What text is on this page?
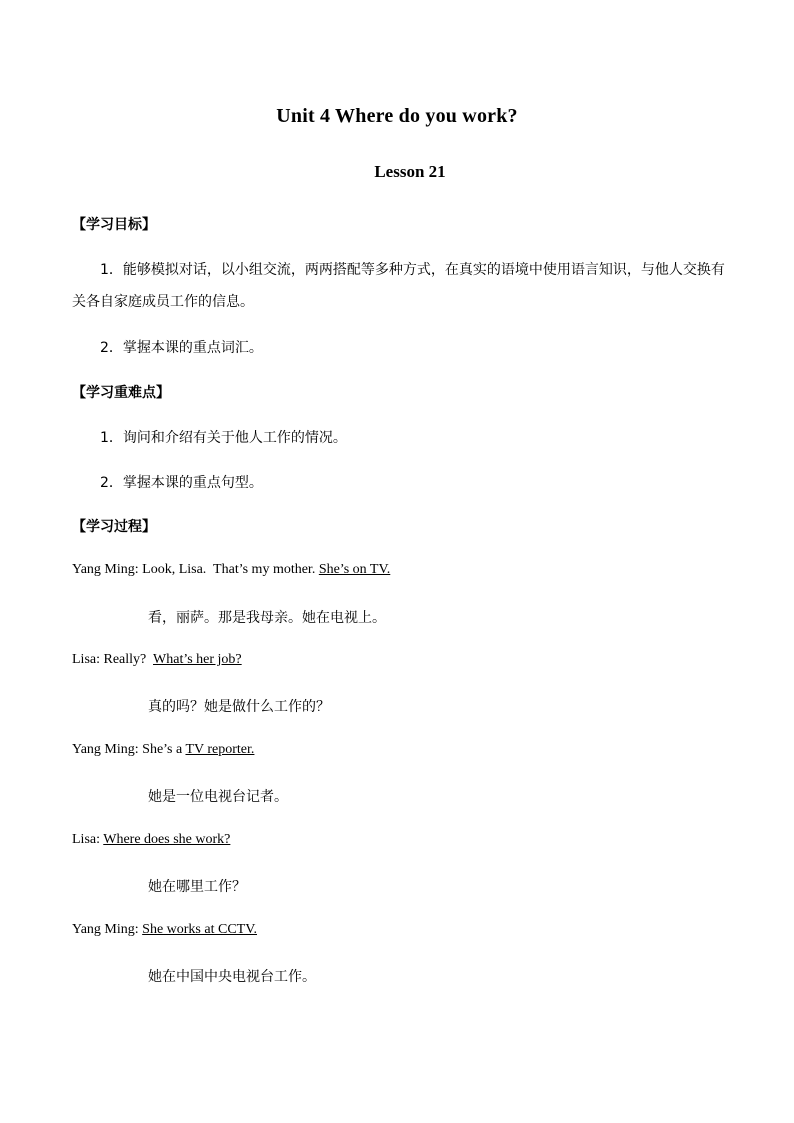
Unit 4 Where do you work?
Lesson 21
【学习目标】
1．能够模拟对话，以小组交流，两两搭配等多种方式，在真实的语境中使用语言知识，与他人交换有
关各自家庭成员工作的信息。
2．掌握本课的重点词汇。
【学习重难点】
1．询问和介绍有关于他人工作的情况。
2．掌握本课的重点句型。
【学习过程】
Yang Ming: Look, Lisa.  That’s my mother. She’s on TV.
看，丽萨。那是我母亲。她在电视上。
Lisa: Really?  What’s her job?
真的吗？她是做什么工作的？
Yang Ming: She’s a TV reporter.
她是一位电视台记者。
Lisa: Where does she work?
她在哪里工作？
Yang Ming: She works at CCTV.
她在中国中央电视台工作。
